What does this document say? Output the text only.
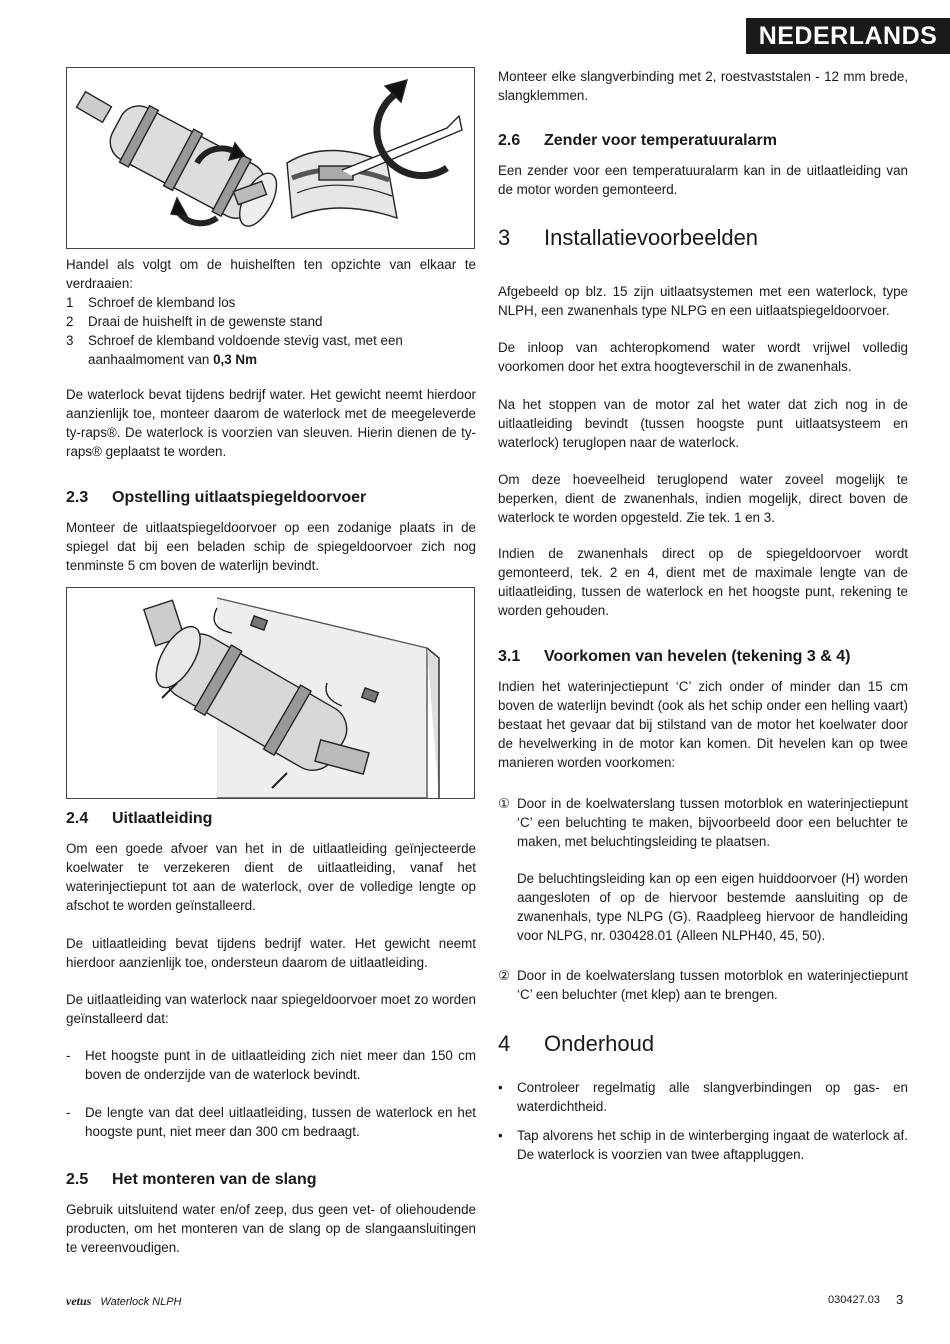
NEDERLANDS

Handel als volgt om de huishelften ten opzichte van elkaar te verdraaien:

1	Schroef de klemband los
2	Draai de huishelft in de gewenste stand
3	Schroef de klemband voldoende stevig vast, met een aanhaalmoment van 0,3 Nm

De waterlock bevat tijdens bedrijf water. Het gewicht neemt hierdoor aanzienlijk toe, monteer daarom de waterlock met de meegeleverde ty-raps®. De waterlock is voorzien van sleuven. Hierin dienen de ty-raps® geplaatst te worden.

2.3	Opstelling uitlaatspiegeldoorvoer

Monteer de uitlaatspiegeldoorvoer op een zodanige plaats in de spiegel dat bij een beladen schip de spiegeldoorvoer zich nog tenminste 5 cm boven de waterlijn bevindt.

2.4	Uitlaatleiding

Om een goede afvoer van het in de uitlaatleiding geïnjecteerde koelwater te verzekeren dient de uitlaatleiding, vanaf het waterinjectiepunt tot aan de waterlock, over de volledige lengte op afschot te worden geïnstalleerd.

De uitlaatleiding bevat tijdens bedrijf water. Het gewicht neemt hierdoor aanzienlijk toe, ondersteun daarom de uitlaatleiding.

De uitlaatleiding van waterlock naar spiegeldoorvoer moet zo worden geïnstalleerd dat:

-	Het hoogste punt in de uitlaatleiding zich niet meer dan 150 cm boven de onderzijde van de waterlock bevindt.
-	De lengte van dat deel uitlaatleiding, tussen de waterlock en het hoogste punt, niet meer dan 300 cm bedraagt.
2.5	Het monteren van de slang

Gebruik uitsluitend water en/of zeep, dus geen vet- of oliehoudende producten, om het monteren van de slang op de slangaansluitingen te vereenvoudigen.

Monteer elke slangverbinding met 2, roestvaststalen - 12 mm brede, slangklemmen.

2.6	Zender voor temperatuuralarm

Een zender voor een temperatuuralarm kan in de uitlaatleiding van de motor worden gemonteerd.

3	Installatievoorbeelden

Afgebeeld op blz. 15 zijn uitlaatsystemen met een waterlock, type NLPH, een zwanenhals type NLPG en een uitlaatspiegeldoorvoer.

De inloop van achteropkomend water wordt vrijwel volledig voorkomen door het extra hoogteverschil in de zwanenhals.

Na het stoppen van de motor zal het water dat zich nog in de uitlaatleiding bevindt (tussen hoogste punt uitlaatsysteem en waterlock) teruglopen naar de waterlock.

Om deze hoeveelheid teruglopend water zoveel mogelijk te beperken, dient de zwanenhals, indien mogelijk, direct boven de waterlock te worden opgesteld. Zie tek. 1 en 3.

Indien de zwanenhals direct op de spiegeldoorvoer wordt gemonteerd, tek. 2 en 4, dient met de maximale lengte van de uitlaatleiding, tussen de waterlock en het hoogste punt, rekening te worden gehouden.

3.1	Voorkomen van hevelen (tekening 3 & 4)

Indien het waterinjectiepunt ‘C’ zich onder of minder dan 15 cm boven de waterlijn bevindt (ook als het schip onder een helling vaart) bestaat het gevaar dat bij stilstand van de motor het koelwater door de hevelwerking in de motor kan komen. Dit hevelen kan op twee manieren worden voorkomen:

① Door in de koelwaterslang tussen motorblok en waterinjectiepunt ‘C’ een beluchting te maken, bijvoorbeeld door een beluchter te maken, met beluchtingsleiding te plaatsen.

De beluchtingsleiding kan op een eigen huiddoorvoer (H) worden aangesloten of op de hiervoor bestemde aansluiting op de zwanenhals, type NLPG (G). Raadpleeg hiervoor de handleiding voor NLPG, nr. 030428.01 (Alleen NLPH40, 45, 50).

② Door in de koelwaterslang tussen motorblok en waterinjectiepunt ‘C’ een beluchter (met klep) aan te brengen.
4	Onderhoud
•	Controleer regelmatig alle slangverbindingen op gas- en waterdichtheid.
•	Tap alvorens het schip in de winterberging ingaat de waterlock af. De waterlock is voorzien van twee aftappluggen.
vetus Waterlock NLPH	030427.03 3
